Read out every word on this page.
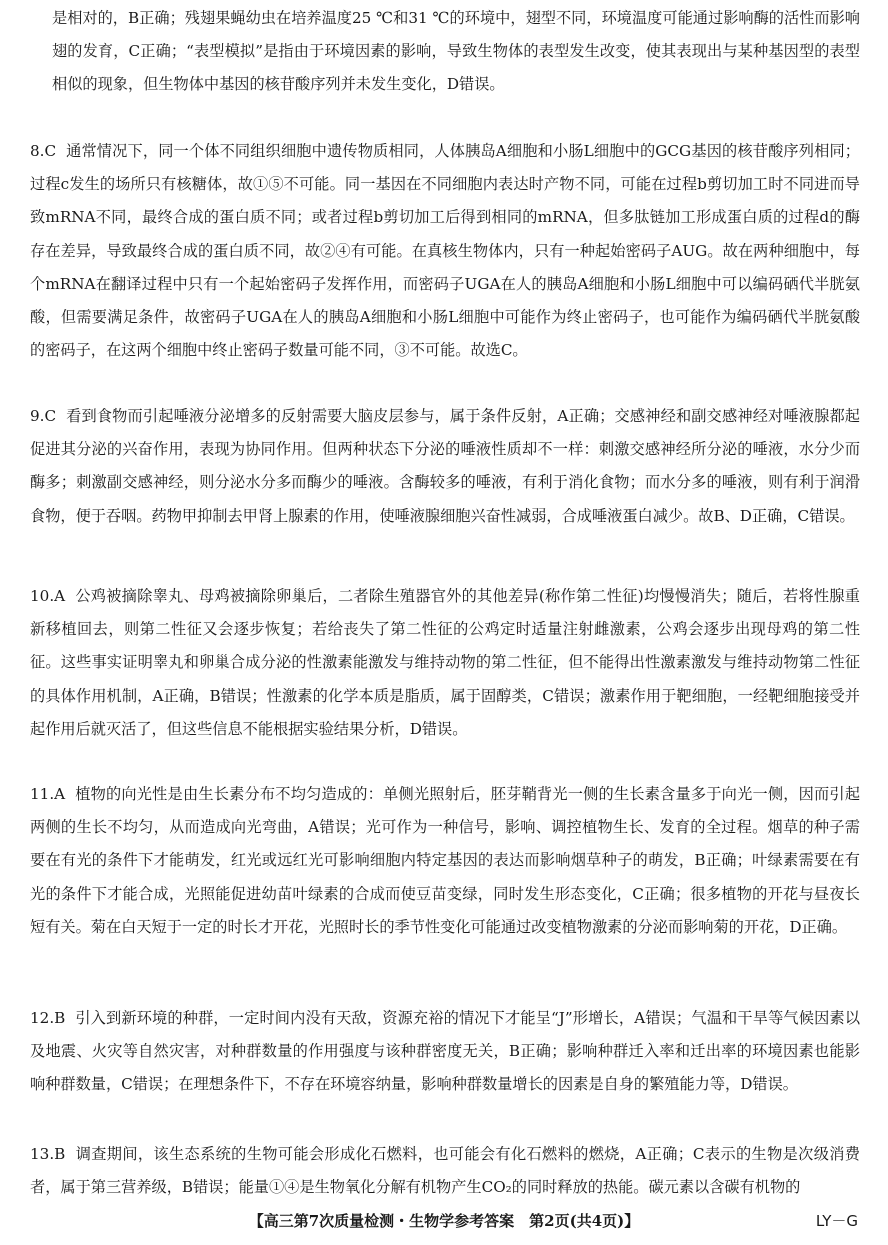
是相对的，B正确；残翅果蝇幼虫在培养温度25 ℃和31 ℃的环境中，翅型不同，环境温度可能通过影响酶的活性而影响翅的发育，C正确；“表型模拟”是指由于环境因素的影响，导致生物体的表型发生改变，使其表现出与某种基因型的表型相似的现象，但生物体中基因的核苷酸序列并未发生变化，D错误。

8.C 通常情况下，同一个体不同组织细胞中遗传物质相同，人体胰岛A细胞和小肠L细胞中的GCG基因的核苷酸序列相同；过程c发生的场所只有核糖体，故①⑤不可能。同一基因在不同细胞内表达时产物不同，可能在过程b剪切加工时不同进而导致mRNA不同，最终合成的蛋白质不同；或者过程b剪切加工后得到相同的mRNA，但多肽链加工形成蛋白质的过程d的酶存在差异，导致最终合成的蛋白质不同，故②④有可能。在真核生物体内，只有一种起始密码子AUG。故在两种细胞中，每个mRNA在翻译过程中只有一个起始密码子发挥作用，而密码子UGA在人的胰岛A细胞和小肠L细胞中可以编码硒代半胱氨酸，但需要满足条件，故密码子UGA在人的胰岛A细胞和小肠L细胞中可能作为终止密码子，也可能作为编码硒代半胱氨酸的密码子，在这两个细胞中终止密码子数量可能不同，③不可能。故选C。

9.C 看到食物而引起唾液分泌增多的反射需要大脑皮层参与，属于条件反射，A正确；交感神经和副交感神经对唾液腺都起促进其分泌的兴奋作用，表现为协同作用。但两种状态下分泌的唾液性质却不一样：刺激交感神经所分泌的唾液，水分少而酶多；刺激副交感神经，则分泌水分多而酶少的唾液。含酶较多的唾液，有利于消化食物；而水分多的唾液，则有利于润滑食物，便于吞咽。药物甲抑制去甲肾上腺素的作用，使唾液腺细胞兴奋性减弱，合成唾液蛋白减少。故B、D正确，C错误。

10.A 公鸡被摘除睾丸、母鸡被摘除卵巢后，二者除生殖器官外的其他差异(称作第二性征)均慢慢消失；随后，若将性腺重新移植回去，则第二性征又会逐步恢复；若给丧失了第二性征的公鸡定时适量注射雌激素，公鸡会逐步出现母鸡的第二性征。这些事实证明睾丸和卵巢合成分泌的性激素能激发与维持动物的第二性征，但不能得出性激素激发与维持动物第二性征的具体作用机制，A正确，B错误；性激素的化学本质是脂质，属于固醇类，C错误；激素作用于靶细胞，一经靶细胞接受并起作用后就灭活了，但这些信息不能根据实验结果分析，D错误。

11.A 植物的向光性是由生长素分布不均匀造成的：单侧光照射后，胚芽鞘背光一侧的生长素含量多于向光一侧，因而引起两侧的生长不均匀，从而造成向光弯曲，A错误；光可作为一种信号，影响、调控植物生长、发育的全过程。烟草的种子需要在有光的条件下才能萌发，红光或远红光可影响细胞内特定基因的表达而影响烟草种子的萌发，B正确；叶绿素需要在有光的条件下才能合成，光照能促进幼苗叶绿素的合成而使豆苗变绿，同时发生形态变化，C正确；很多植物的开花与昼夜长短有关。菊在白天短于一定的时长才开花，光照时长的季节性变化可能通过改变植物激素的分泌而影响菊的开花，D正确。

12.B 引入到新环境的种群，一定时间内没有天敌，资源充裕的情况下才能呈“J”形增长，A错误；气温和干旱等气候因素以及地震、火灾等自然灾害，对种群数量的作用强度与该种群密度无关，B正确；影响种群迁入率和迁出率的环境因素也能影响种群数量，C错误；在理想条件下，不存在环境容纳量，影响种群数量增长的因素是自身的繁殖能力等，D错误。

13.B 调查期间，该生态系统的生物可能会形成化石燃料，也可能会有化石燃料的燃烧，A正确；C表示的生物是次级消费者，属于第三营养级，B错误；能量①④是生物氧化分解有机物产生CO₂的同时释放的热能。碳元素以含碳有机物的

【高三第7次质量检测・生物学参考答案　第2页(共4页)】	LY－G
